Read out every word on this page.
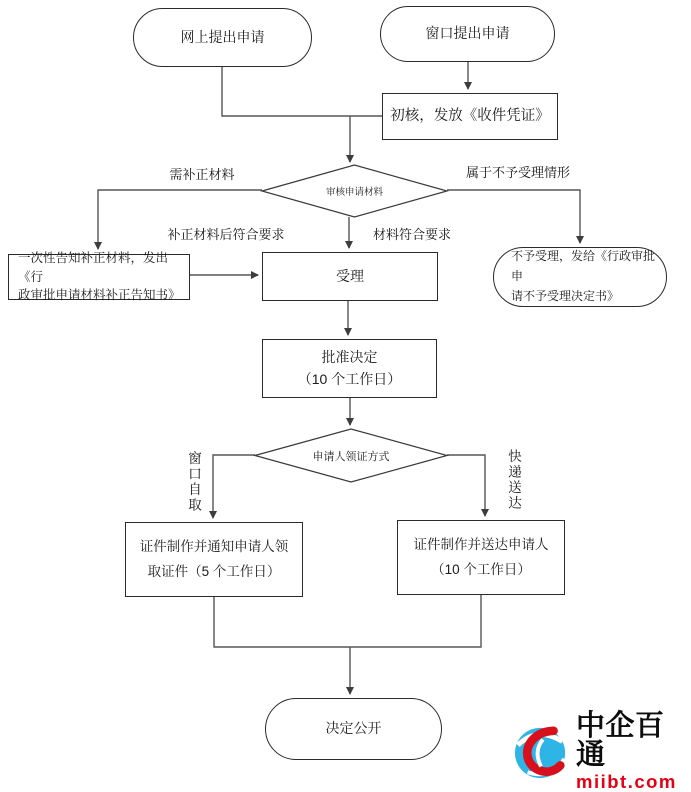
网上提出申请	窗口提出申请
初核，发放《收件凭证》
审核申请材料
需补正材料	属于不予受理情形
补正材料后符合要求	材料符合要求
一次性告知补正材料，发出《行
政审批申请材料补正告知书》
不予受理，发给《行政审批申
请不予受理决定书》
受理
批准决定
（10 个工作日）
申请人领证方式
窗口自取	快递送达
证件制作并通知申请人领
取证件（5 个工作日）
证件制作并送达申请人
（10 个工作日）
决定公开	中企百通
miibt.com
